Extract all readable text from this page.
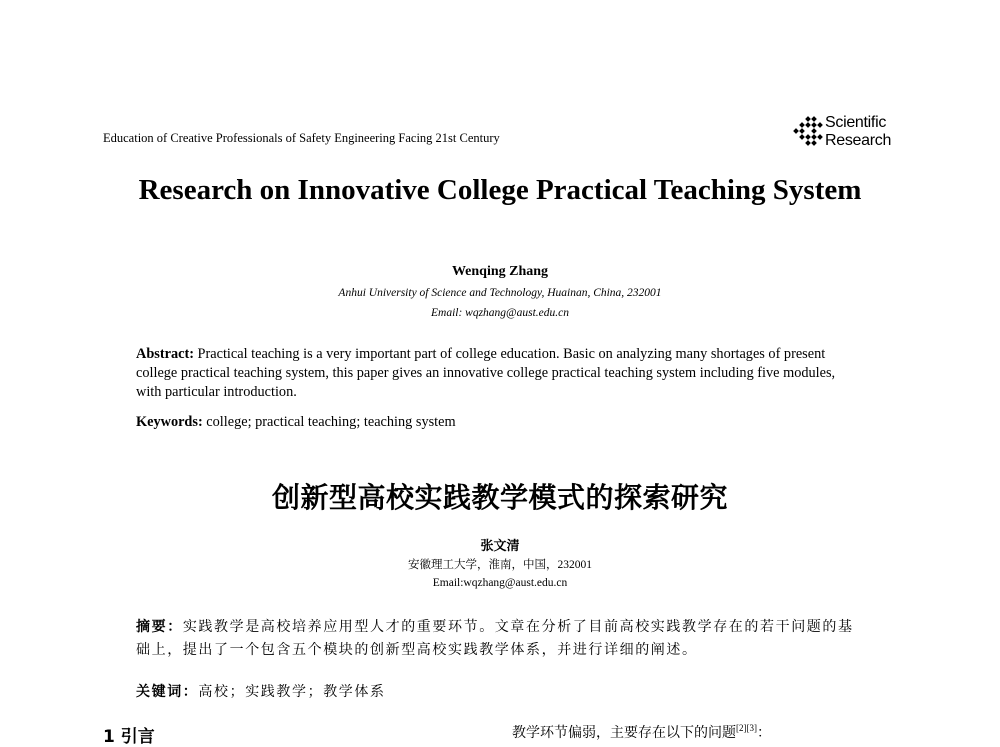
Education of Creative Professionals of Safety Engineering Facing 21st Century
Scientific
Research
Research on Innovative College Practical Teaching System
Wenqing Zhang
Anhui University of Science and Technology, Huainan, China, 232001
Email: wqzhang@aust.edu.cn
Abstract: Practical teaching is a very important part of college education. Basic on analyzing many shortages of present college practical teaching system, this paper gives an innovative college practical teaching system including five modules, with particular introduction.
Keywords: college; practical teaching; teaching system
创新型高校实践教学模式的探索研究
张文清
安徽理工大学，淮南，中国，232001
Email:wqzhang@aust.edu.cn
摘要：实践教学是高校培养应用型人才的重要环节。文章在分析了目前高校实践教学存在的若干问题的基础上，提出了一个包含五个模块的创新型高校实践教学体系，并进行详细的阐述。
关键词：高校；实践教学；教学体系
1 引言	教学环节偏弱，主要存在以下的问题[2][3]：
